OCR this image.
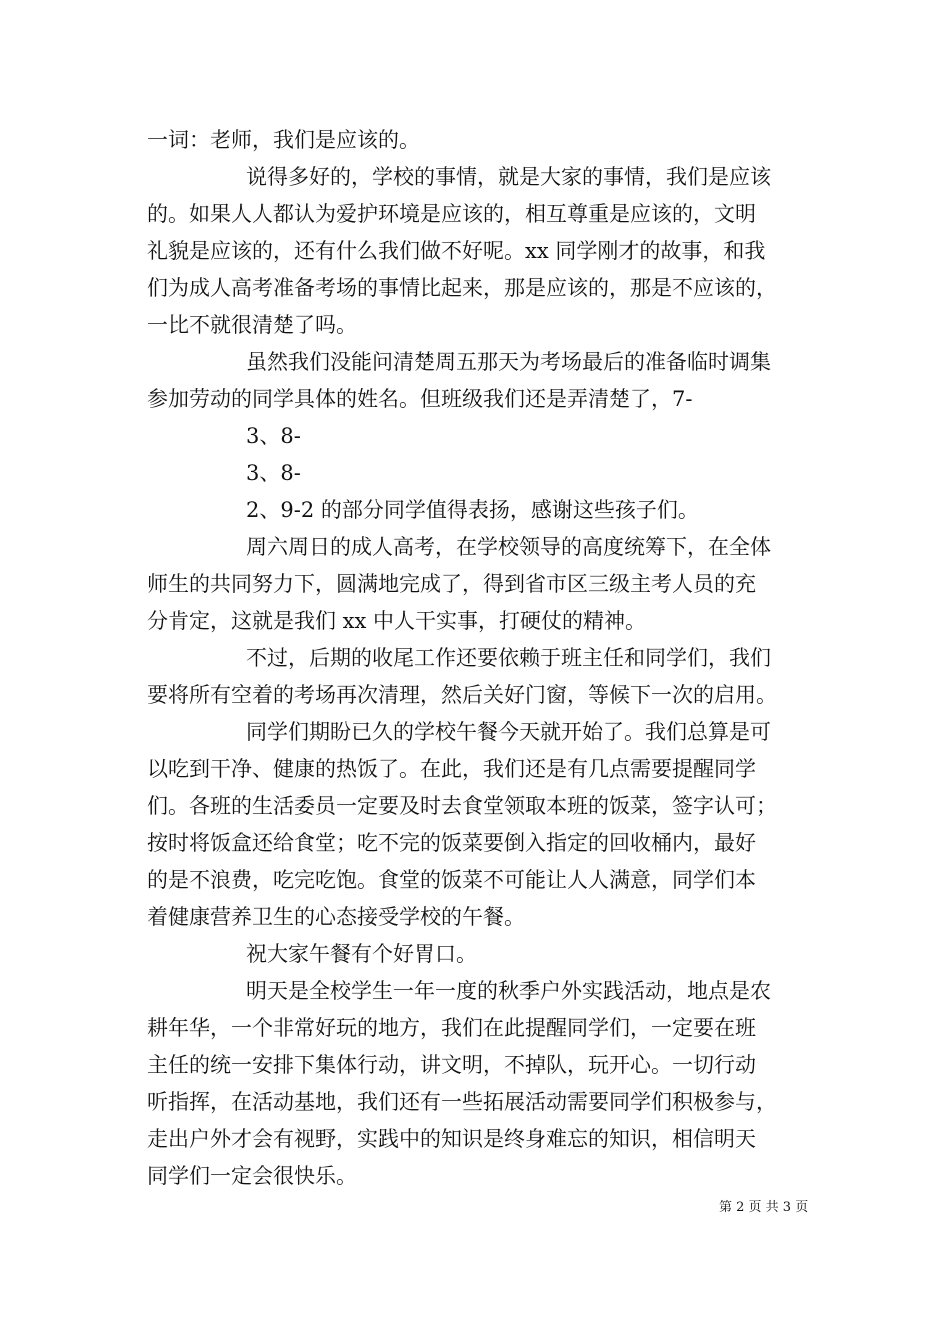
一词：老师，我们是应该的。
说得多好的，学校的事情，就是大家的事情，我们是应该
的。如果人人都认为爱护环境是应该的，相互尊重是应该的，文明
礼貌是应该的，还有什么我们做不好呢。xx 同学刚才的故事，和我
们为成人高考准备考场的事情比起来，那是应该的，那是不应该的，
一比不就很清楚了吗。
虽然我们没能问清楚周五那天为考场最后的准备临时调集
参加劳动的同学具体的姓名。但班级我们还是弄清楚了，7-
3、8-
3、8-
2、9-2 的部分同学值得表扬，感谢这些孩子们。
周六周日的成人高考，在学校领导的高度统筹下，在全体
师生的共同努力下，圆满地完成了，得到省市区三级主考人员的充
分肯定，这就是我们 xx 中人干实事，打硬仗的精神。
不过，后期的收尾工作还要依赖于班主任和同学们，我们
要将所有空着的考场再次清理，然后关好门窗，等候下一次的启用。
同学们期盼已久的学校午餐今天就开始了。我们总算是可
以吃到干净、健康的热饭了。在此，我们还是有几点需要提醒同学
们。各班的生活委员一定要及时去食堂领取本班的饭菜，签字认可；
按时将饭盒还给食堂；吃不完的饭菜要倒入指定的回收桶内，最好
的是不浪费，吃完吃饱。食堂的饭菜不可能让人人满意，同学们本
着健康营养卫生的心态接受学校的午餐。
祝大家午餐有个好胃口。
明天是全校学生一年一度的秋季户外实践活动，地点是农
耕年华，一个非常好玩的地方，我们在此提醒同学们，一定要在班
主任的统一安排下集体行动，讲文明，不掉队，玩开心。一切行动
听指挥，在活动基地，我们还有一些拓展活动需要同学们积极参与，
走出户外才会有视野，实践中的知识是终身难忘的知识，相信明天
同学们一定会很快乐。
第 2 页 共 3 页
